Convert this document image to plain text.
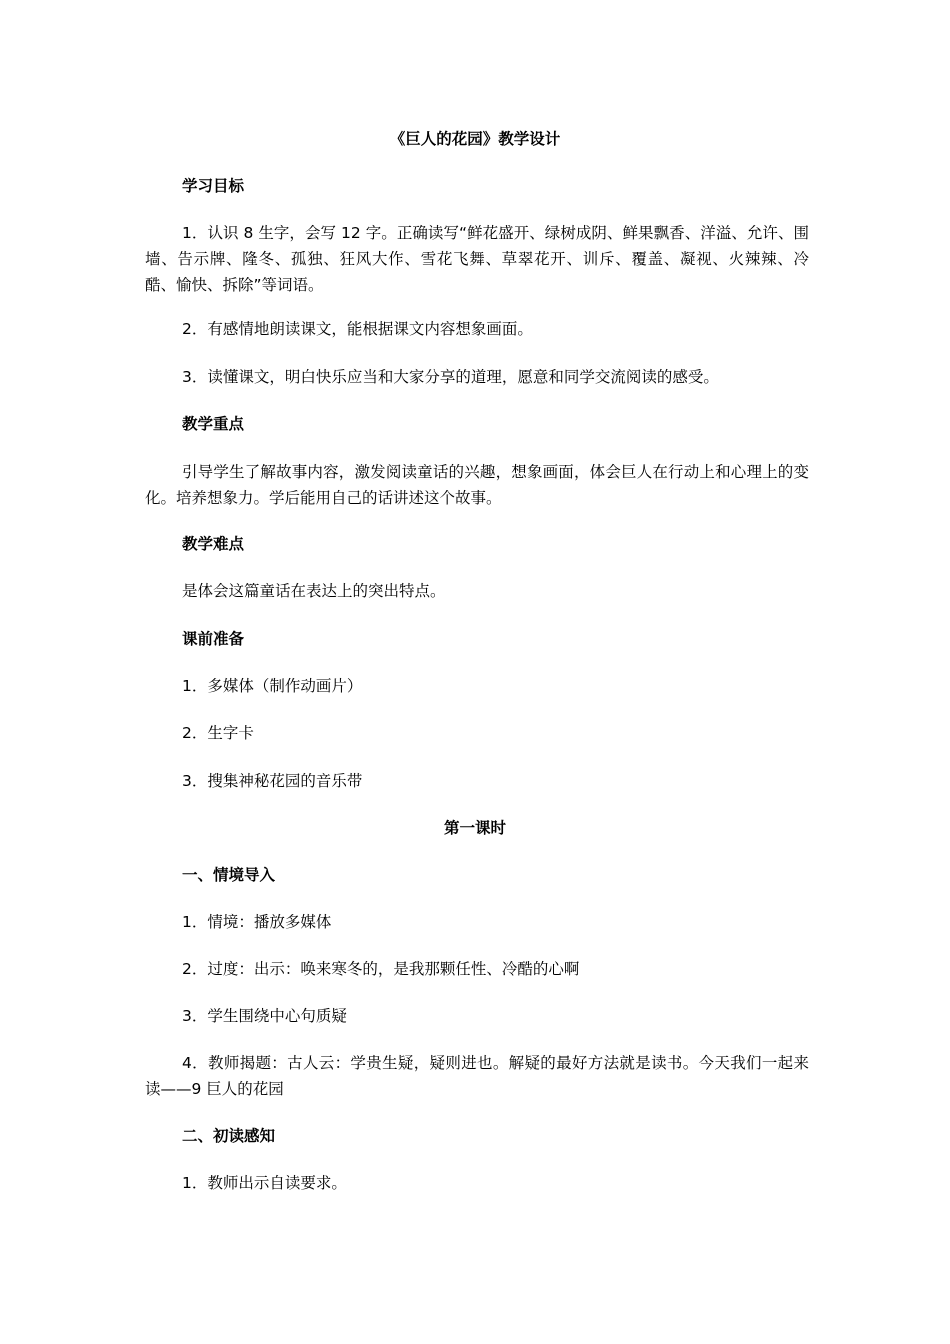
《巨人的花园》教学设计
学习目标
1．认识 8 生字，会写 12 字。正确读写“鲜花盛开、绿树成阴、鲜果飘香、洋溢、允许、围墙、告示牌、隆冬、孤独、狂风大作、雪花飞舞、草翠花开、训斥、覆盖、凝视、火辣辣、冷酷、愉快、拆除”等词语。
2．有感情地朗读课文，能根据课文内容想象画面。
3．读懂课文，明白快乐应当和大家分享的道理，愿意和同学交流阅读的感受。
教学重点
引导学生了解故事内容，激发阅读童话的兴趣，想象画面，体会巨人在行动上和心理上的变化。培养想象力。学后能用自己的话讲述这个故事。
教学难点
是体会这篇童话在表达上的突出特点。
课前准备
1．多媒体（制作动画片）
2．生字卡
3．搜集神秘花园的音乐带
第一课时
一、情境导入
1．情境：播放多媒体
2．过度：出示：唤来寒冬的，是我那颗任性、冷酷的心啊
3．学生围绕中心句质疑
4．教师揭题：古人云：学贵生疑，疑则进也。解疑的最好方法就是读书。今天我们一起来读——9 巨人的花园
二、初读感知
1．教师出示自读要求。
